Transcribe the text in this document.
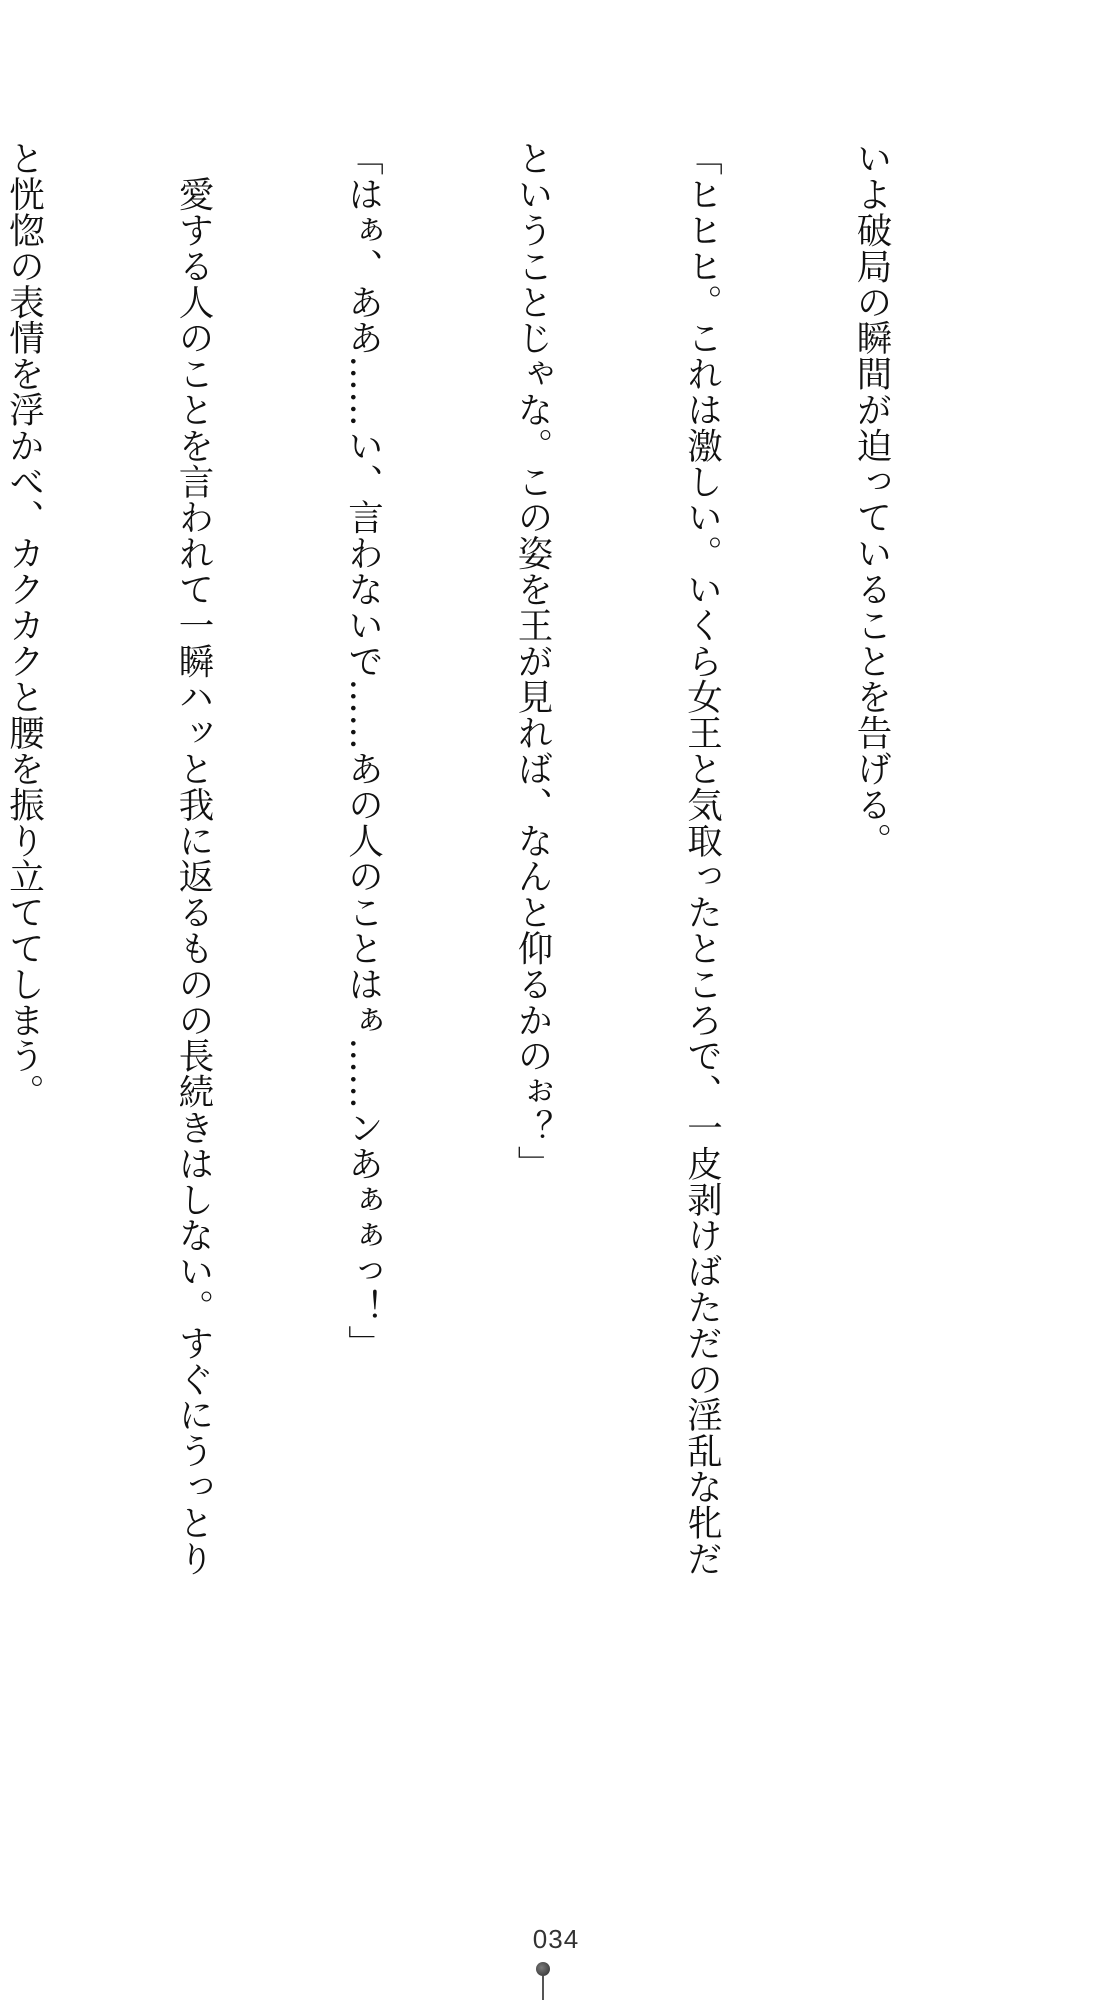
いよ破局の瞬間が迫っていることを告げる。

「ヒヒヒ。これは激しい。いくら女王と気取ったところで、一皮剥けばただの淫乱な牝だ

ということじゃな。この姿を王が見れば、なんと仰るかのぉ？」

「はぁ、ああ……い、言わないで……あの人のことはぁ……ンあぁぁっ！」

　愛する人のことを言われて一瞬ハッと我に返るものの長続きはしない。すぐにうっとり

と恍惚の表情を浮かべ、カクカクと腰を振り立ててしまう。

034
